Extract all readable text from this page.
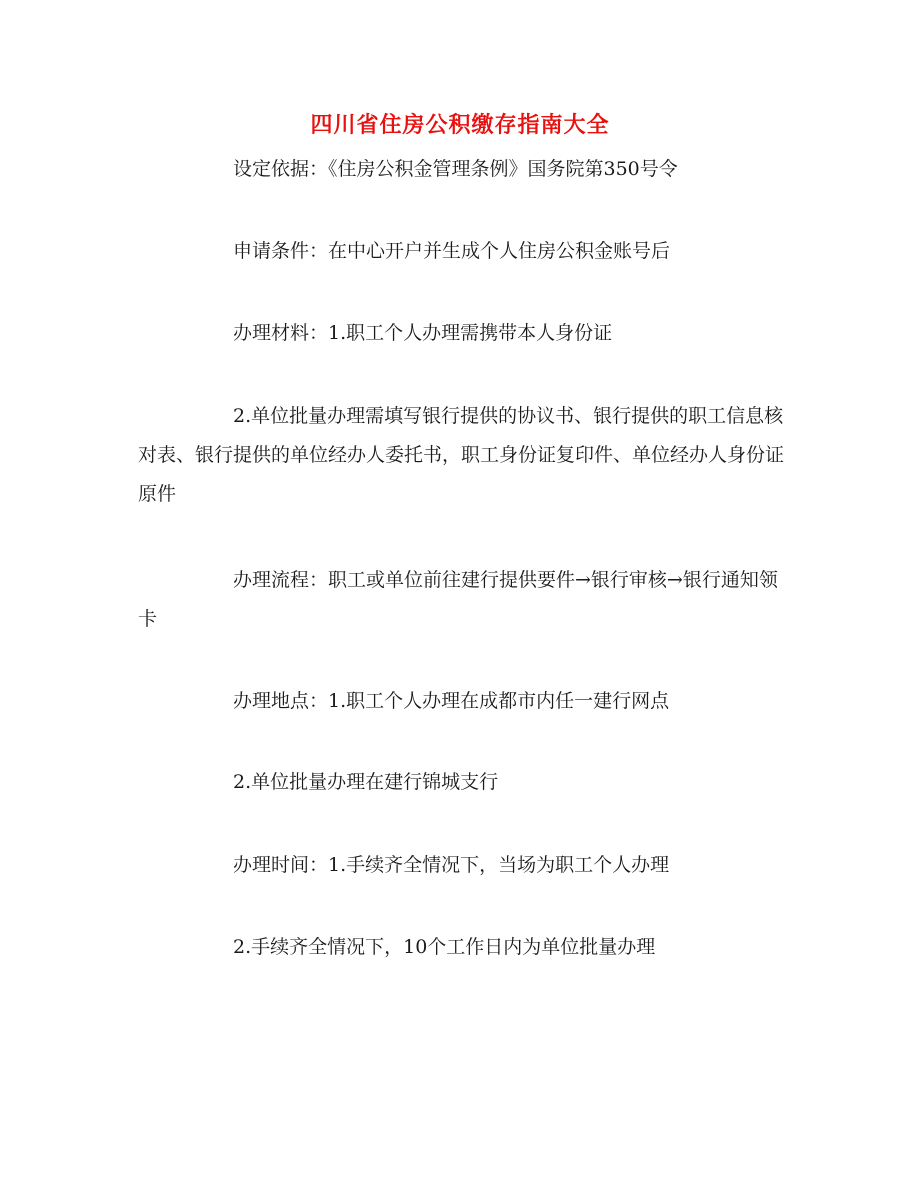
四川省住房公积缴存指南大全
设定依据：《住房公积金管理条例》国务院第350号令
申请条件：在中心开户并生成个人住房公积金账号后
办理材料：1.职工个人办理需携带本人身份证
2.单位批量办理需填写银行提供的协议书、银行提供的职工信息核对表、银行提供的单位经办人委托书，职工身份证复印件、单位经办人身份证原件
办理流程：职工或单位前往建行提供要件→银行审核→银行通知领卡
办理地点：1.职工个人办理在成都市内任一建行网点
2.单位批量办理在建行锦城支行
办理时间：1.手续齐全情况下，当场为职工个人办理
2.手续齐全情况下，10个工作日内为单位批量办理
